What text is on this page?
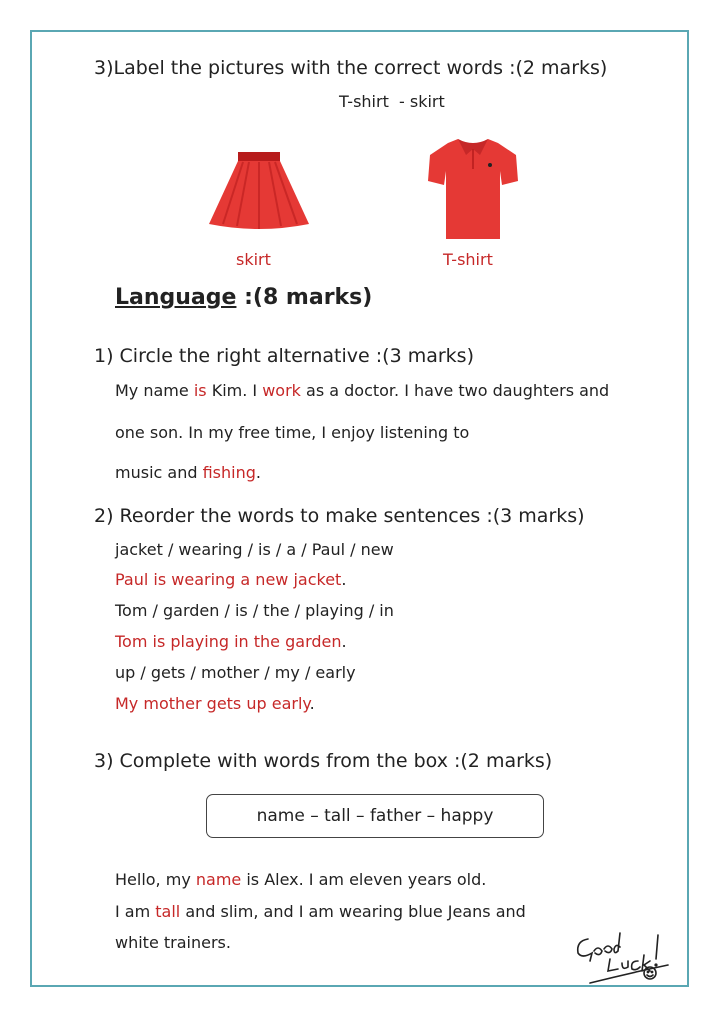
3)Label the pictures with the correct words :(2 marks)
T-shirt  - skirt
skirt	T-shirt
Language :(8 marks)
1) Circle the right alternative :(3 marks)
My name is Kim. I work as a doctor. I have two daughters and
one son. In my free time, I enjoy listening to
music and fishing.
2) Reorder the words to make sentences :(3 marks)
jacket / wearing / is / a / Paul / new
Paul is wearing a new jacket.
Tom / garden / is / the / playing / in
Tom is playing in the garden.
up / gets / mother / my / early
My mother gets up early.
3) Complete with words from the box :(2 marks)
name – tall – father – happy
Hello, my name is Alex. I am eleven years old.
I am tall and slim, and I am wearing blue Jeans and
white trainers.
